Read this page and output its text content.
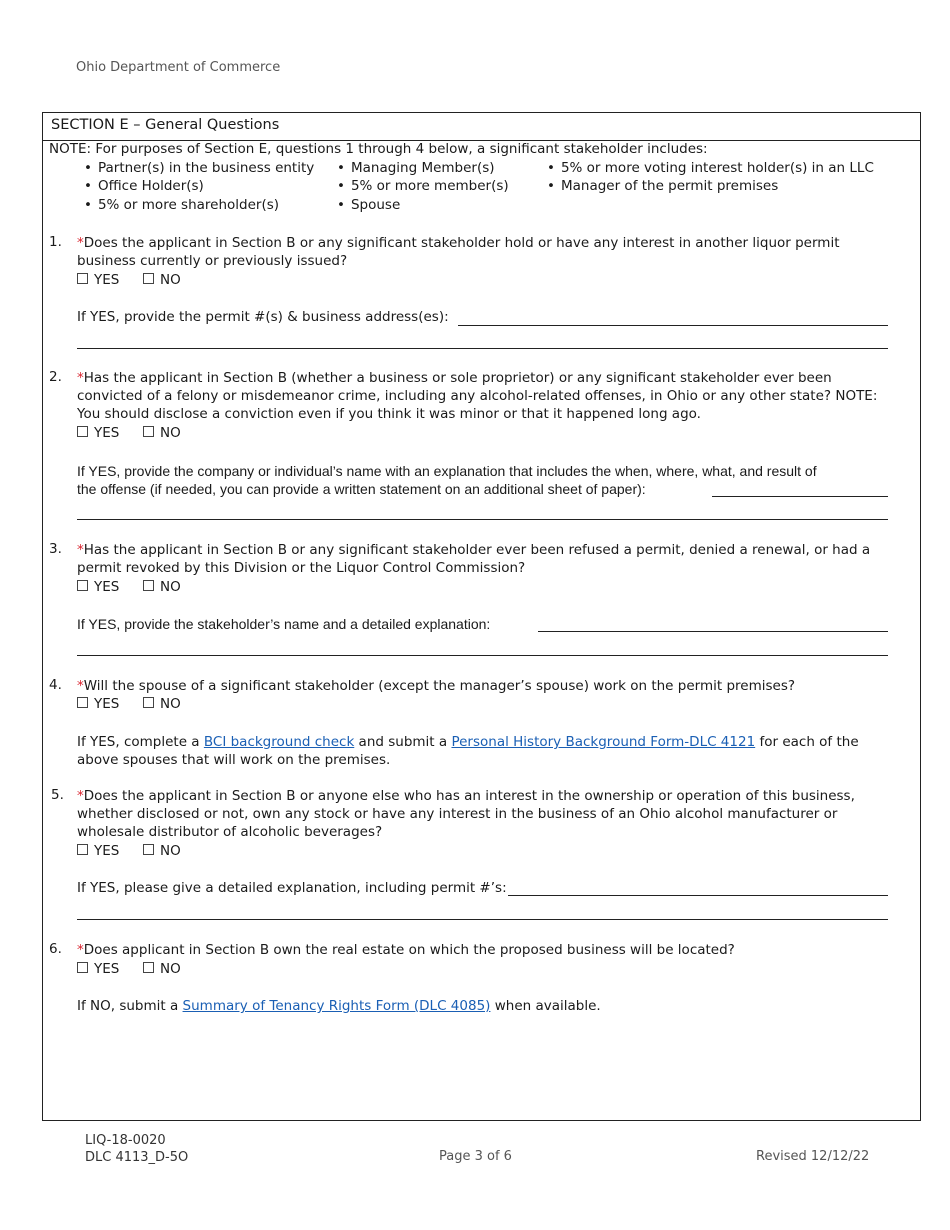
Ohio Department of Commerce
SECTION E – General Questions
NOTE: For purposes of Section E, questions 1 through 4 below, a significant stakeholder includes:
• Partner(s) in the business entity	• Managing Member(s)	• 5% or more voting interest holder(s) in an LLC
• Office Holder(s)	• 5% or more member(s)	• Manager of the permit premises
• 5% or more shareholder(s)	• Spouse
1. *Does the applicant in Section B or any significant stakeholder hold or have any interest in another liquor permit
business currently or previously issued?
YES	NO
If YES, provide the permit #(s) & business address(es):
2. *Has the applicant in Section B (whether a business or sole proprietor) or any significant stakeholder ever been
convicted of a felony or misdemeanor crime, including any alcohol-related offenses, in Ohio or any other state? NOTE:
You should disclose a conviction even if you think it was minor or that it happened long ago.
YES	NO
If YES, provide the company or individual’s name with an explanation that includes the when, where, what, and result of
the offense (if needed, you can provide a written statement on an additional sheet of paper):
3. *Has the applicant in Section B or any significant stakeholder ever been refused a permit, denied a renewal, or had a
permit revoked by this Division or the Liquor Control Commission?
YES	NO
If YES, provide the stakeholder’s name and a detailed explanation:
4. *Will the spouse of a significant stakeholder (except the manager’s spouse) work on the permit premises?
YES	NO
If YES, complete a BCI background check and submit a Personal History Background Form-DLC 4121 for each of the
above spouses that will work on the premises.
5. *Does the applicant in Section B or anyone else who has an interest in the ownership or operation of this business,
whether disclosed or not, own any stock or have any interest in the business of an Ohio alcohol manufacturer or
wholesale distributor of alcoholic beverages?
YES	NO
If YES, please give a detailed explanation, including permit #’s:
6. *Does applicant in Section B own the real estate on which the proposed business will be located?
YES	NO
If NO, submit a Summary of Tenancy Rights Form (DLC 4085) when available.
LIQ-18-0020
DLC 4113_D-5O	Page 3 of 6	Revised 12/12/22
